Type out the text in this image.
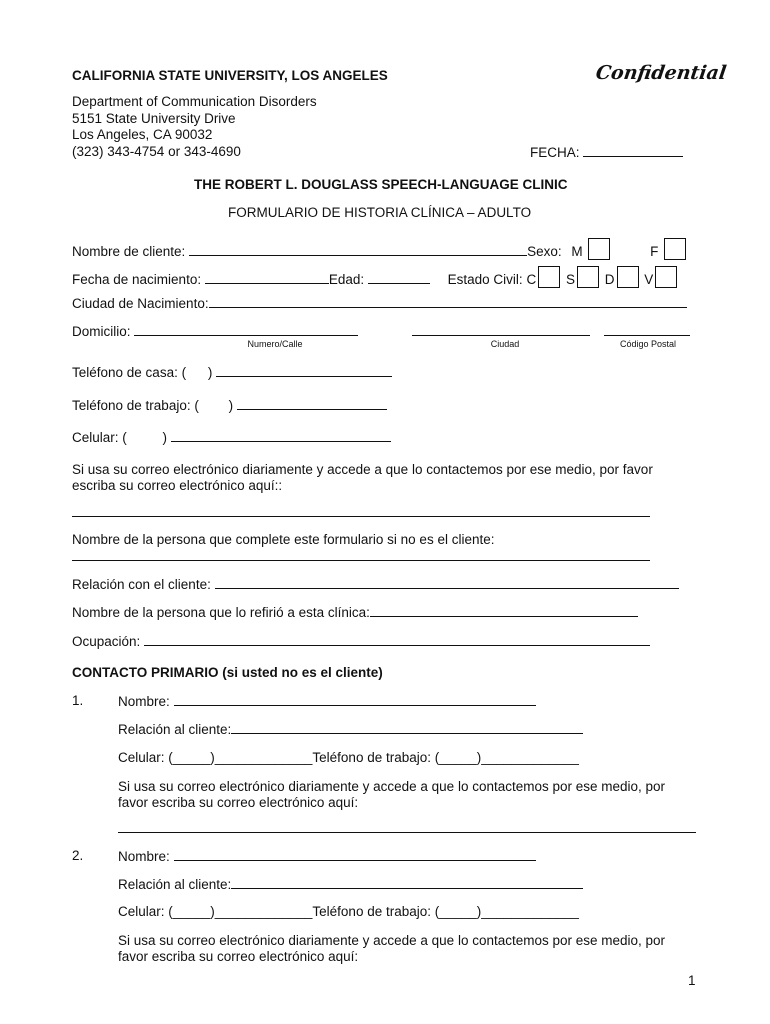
CALIFORNIA STATE UNIVERSITY, LOS ANGELES	Confidential
Department of Communication Disorders
5151 State University Drive
Los Angeles, CA 90032
(323) 343-4754 or 343-4690	FECHA:
THE ROBERT L. DOUGLASS SPEECH-LANGUAGE CLINIC
FORMULARIO DE HISTORIA CLÍNICA – ADULTO
Nombre de cliente:	Sexo: M	F
Fecha de nacimiento:	Edad:	Estado Civil: C S D V
Ciudad de Nacimiento:
Domicilio:
Numero/Calle	Ciudad	Código Postal
Teléfono de casa: ( )
Teléfono de trabajo: ( )
Celular: (	)
Si usa su correo electrónico diariamente y accede a que lo contactemos por ese medio, por favor
escriba su correo electrónico aquí::
Nombre de la persona que complete este formulario si no es el cliente:
Relación con el cliente:
Nombre de la persona que lo refirió a esta clínica:
Ocupación:
CONTACTO PRIMARIO (si usted no es el cliente)
1.	Nombre:
Relación al cliente:
Celular: (_____)_____________Teléfono de trabajo: (_____)_____________
Si usa su correo electrónico diariamente y accede a que lo contactemos por ese medio, por
favor escriba su correo electrónico aquí:
2.	Nombre:
Relación al cliente:
Celular: (_____)_____________Teléfono de trabajo: (_____)_____________
Si usa su correo electrónico diariamente y accede a que lo contactemos por ese medio, por
favor escriba su correo electrónico aquí:
1
